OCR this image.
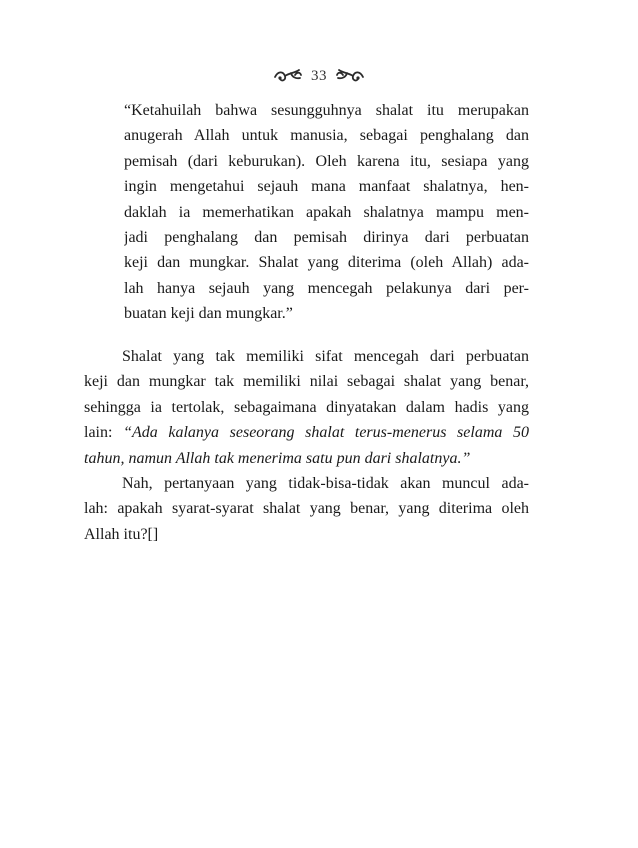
33
“Ketahuilah bahwa sesungguhnya shalat itu merupakan
anugerah Allah untuk manusia, sebagai penghalang dan
pemisah (dari keburukan). Oleh karena itu, sesiapa yang
ingin mengetahui sejauh mana manfaat shalatnya, hen-
daklah ia memerhatikan apakah shalatnya mampu men-
jadi penghalang dan pemisah dirinya dari perbuatan
keji dan mungkar. Shalat yang diterima (oleh Allah) ada-
lah hanya sejauh yang mencegah pelakunya dari per-
buatan keji dan mungkar.”
Shalat yang tak memiliki sifat mencegah dari perbuatan
keji dan mungkar tak memiliki nilai sebagai shalat yang benar,
sehingga ia tertolak, sebagaimana dinyatakan dalam hadis yang
lain: “Ada kalanya seseorang shalat terus-menerus selama 50
tahun, namun Allah tak menerima satu pun dari shalatnya.”
Nah, pertanyaan yang tidak-bisa-tidak akan muncul ada-
lah: apakah syarat-syarat shalat yang benar, yang diterima oleh
Allah itu?[]
